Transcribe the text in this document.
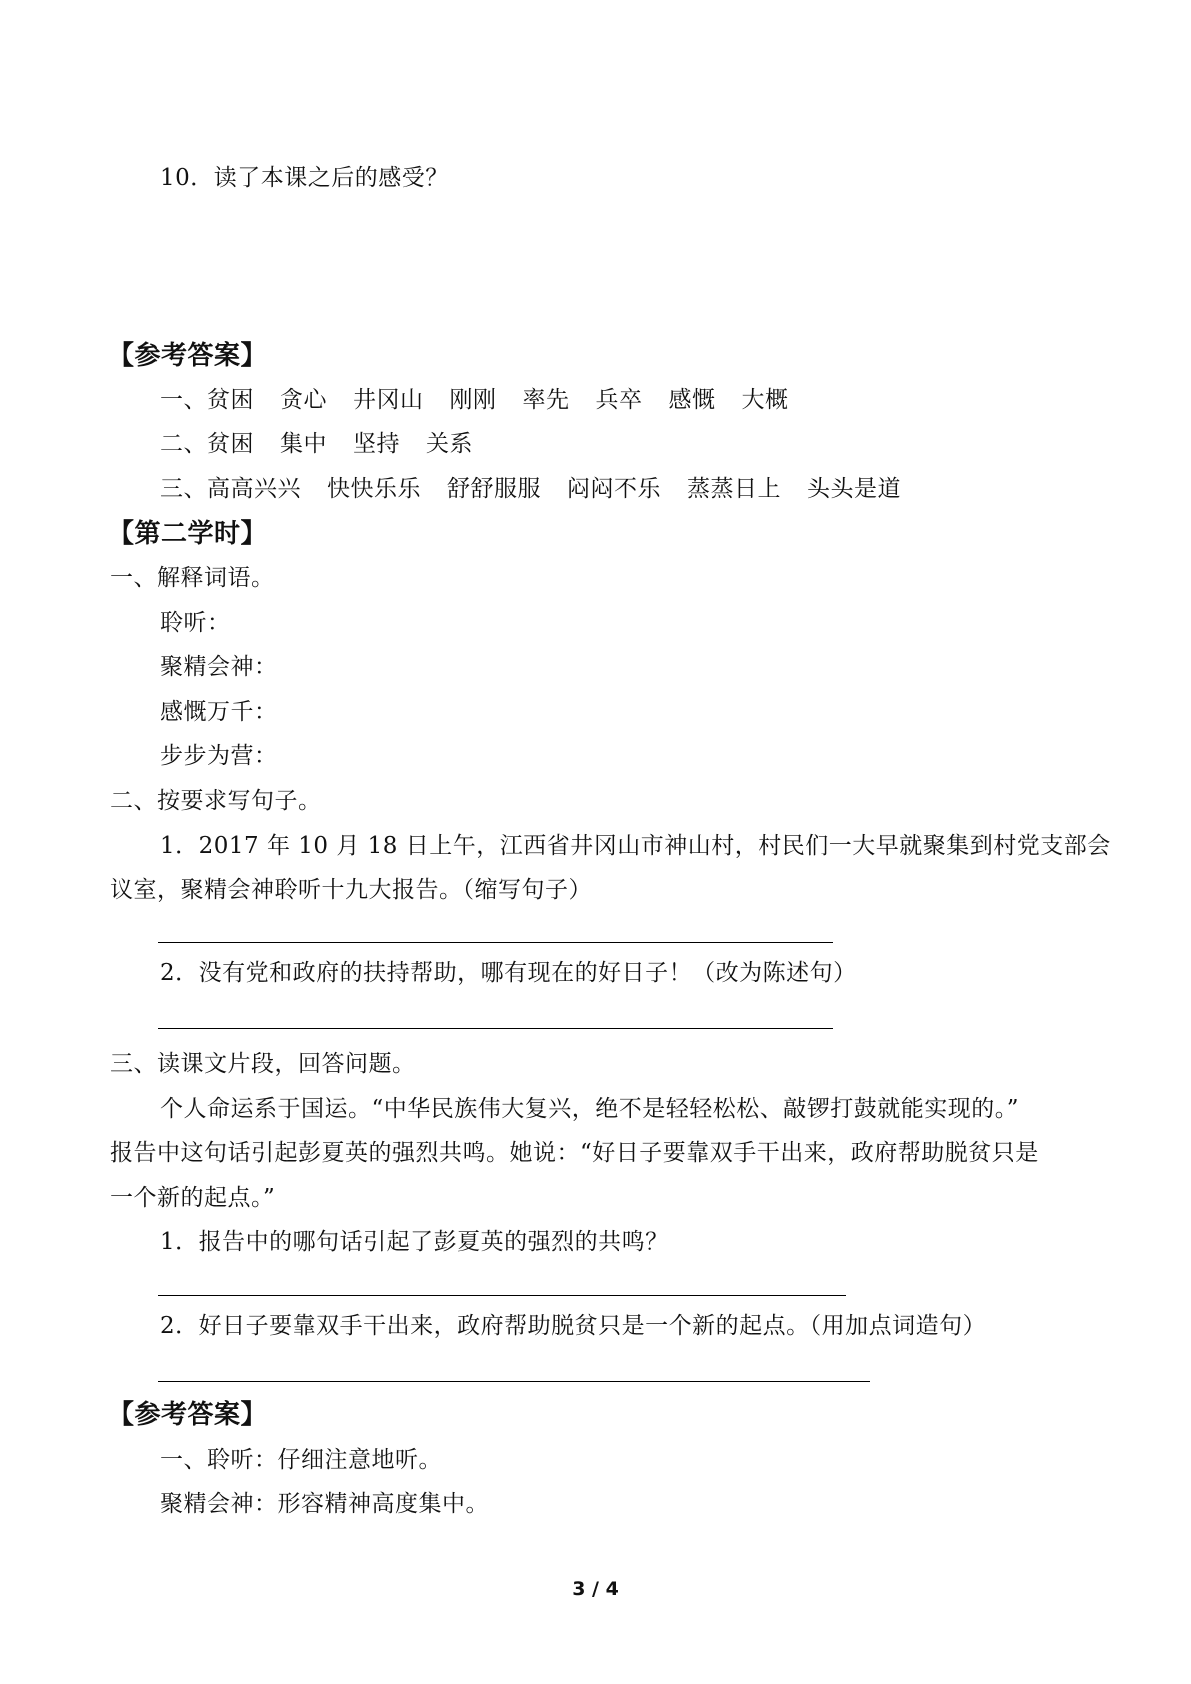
10．读了本课之后的感受？
【参考答案】
一、贫困 贪心 井冈山 刚刚 率先 兵卒 感慨 大概
二、贫困 集中 坚持 关系
三、高高兴兴 快快乐乐 舒舒服服 闷闷不乐 蒸蒸日上 头头是道
【第二学时】
一、解释词语。
聆听：
聚精会神：
感慨万千：
步步为营：
二、按要求写句子。
1．2017 年 10 月 18 日上午，江西省井冈山市神山村，村民们一大早就聚集到村党支部会
议室，聚精会神聆听十九大报告。（缩写句子）
2．没有党和政府的扶持帮助，哪有现在的好日子！（改为陈述句）
三、读课文片段，回答问题。
个人命运系于国运。“中华民族伟大复兴，绝不是轻轻松松、敲锣打鼓就能实现的。”
报告中这句话引起彭夏英的强烈共鸣。她说：“好日子要靠双手干出来，政府帮助脱贫只是
一个新的起点。”
1．报告中的哪句话引起了彭夏英的强烈的共鸣？
2．好日子要靠双手干出来，政府帮助脱贫只是一个新的起点。（用加点词造句）
【参考答案】
一、聆听：仔细注意地听。
聚精会神：形容精神高度集中。
3 / 4
